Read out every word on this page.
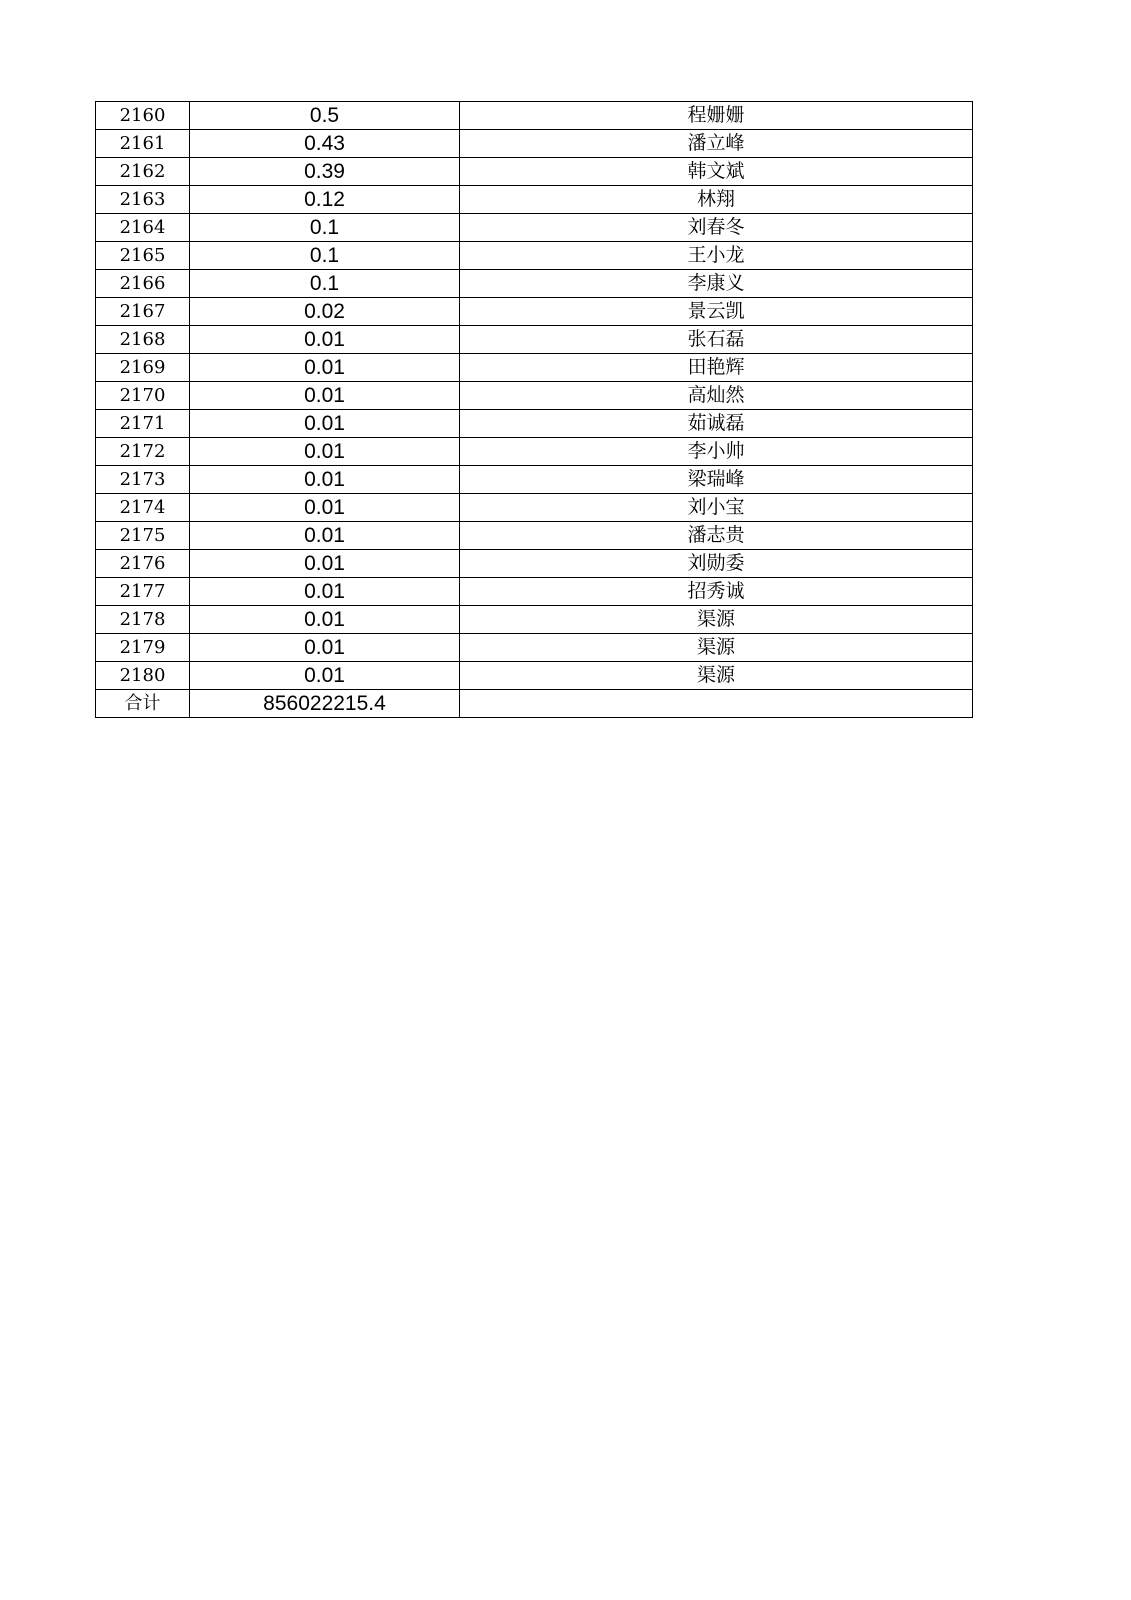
2160	0.5	程姗姗
2161	0.43	潘立峰
2162	0.39	韩文斌
2163	0.12	林翔
2164	0.1	刘春冬
2165	0.1	王小龙
2166	0.1	李康义
2167	0.02	景云凯
2168	0.01	张石磊
2169	0.01	田艳辉
2170	0.01	高灿然
2171	0.01	茹诚磊
2172	0.01	李小帅
2173	0.01	梁瑞峰
2174	0.01	刘小宝
2175	0.01	潘志贵
2176	0.01	刘勋委
2177	0.01	招秀诚
2178	0.01	渠源
2179	0.01	渠源
2180	0.01	渠源
合计	856022215.4	
